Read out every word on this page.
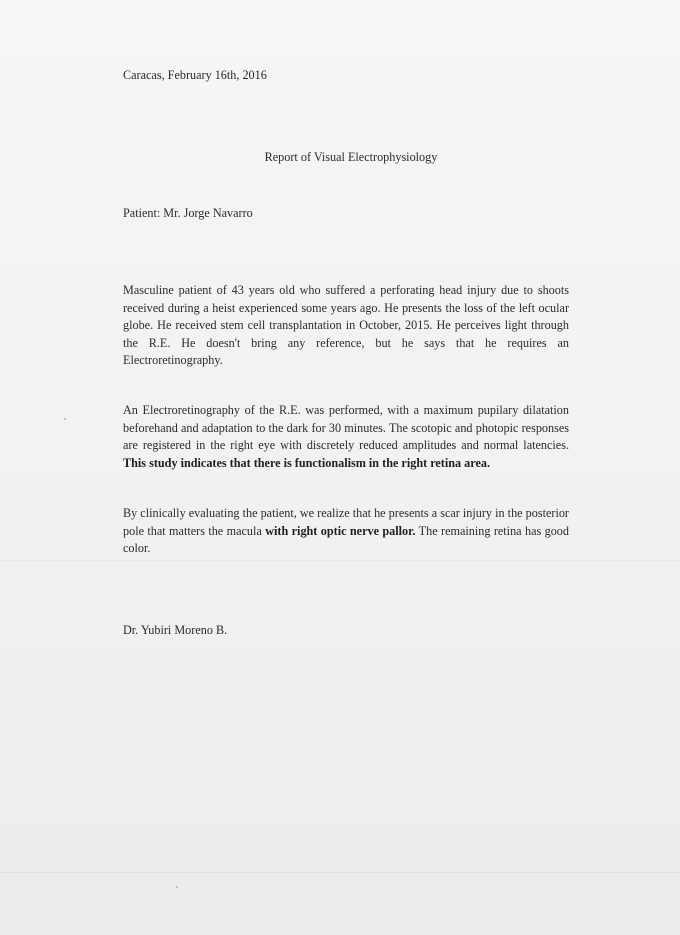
Caracas, February 16th, 2016

Report of Visual Electrophysiology

Patient: Mr. Jorge Navarro

Masculine patient of 43 years old who suffered a perforating head injury due to shoots received during a heist experienced some years ago. He presents the loss of the left ocular globe. He received stem cell transplantation in October, 2015. He perceives light through the R.E. He doesn't bring any reference, but he says that he requires an Electroretinography.

An Electroretinography of the R.E. was performed, with a maximum pupilary dilatation beforehand and adaptation to the dark for 30 minutes. The scotopic and photopic responses are registered in the right eye with discretely reduced amplitudes and normal latencies. This study indicates that there is functionalism in the right retina area.

By clinically evaluating the patient, we realize that he presents a scar injury in the posterior pole that matters the macula with right optic nerve pallor. The remaining retina has good color.

Dr. Yubiri Moreno B.
